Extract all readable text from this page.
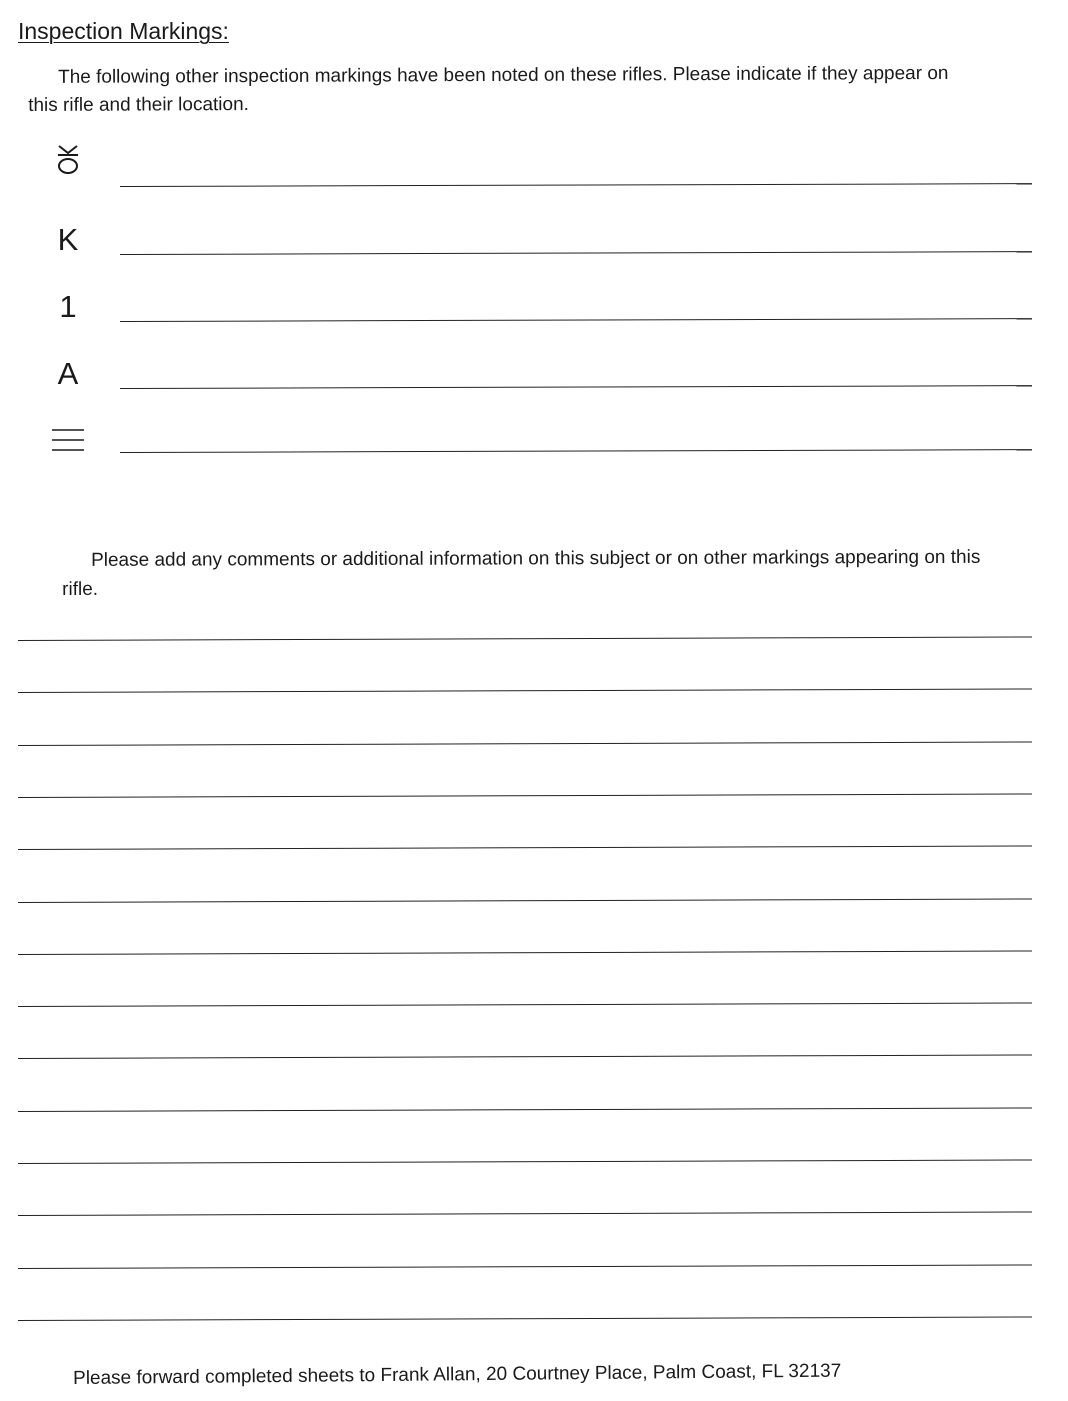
Inspection Markings:

The following other inspection markings have been noted on these rifles. Please indicate if they appear on this rifle and their location.

K
1
A

Please add any comments or additional information on this subject or on other markings appearing on this rifle.

Please forward completed sheets to Frank Allan, 20 Courtney Place, Palm Coast, FL 32137
